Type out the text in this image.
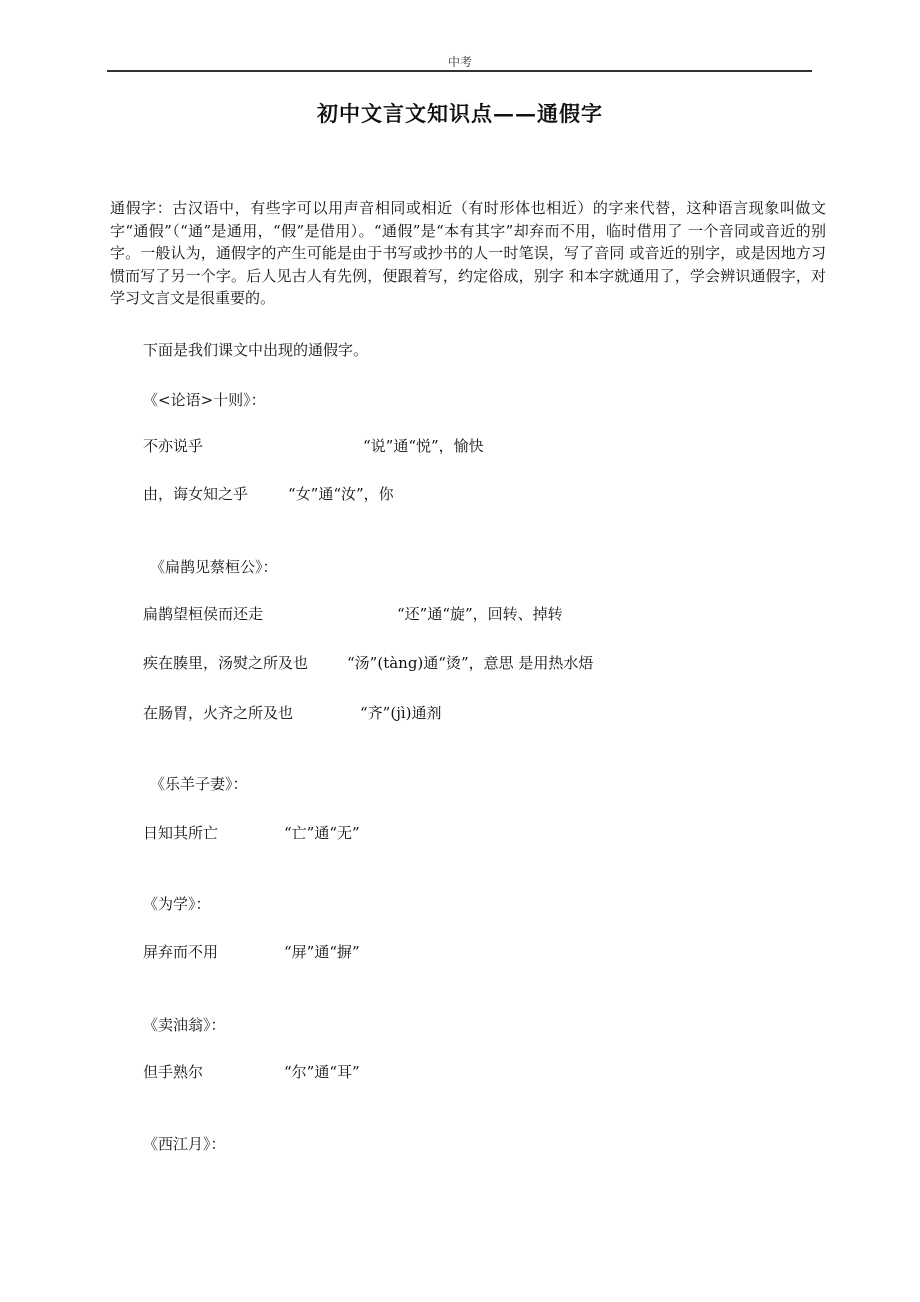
中考
初中文言文知识点——通假字
通假字：古汉语中，有些字可以用声音相同或相近（有时形体也相近）的字来代替，这种语言现象叫做文字“通假”（“通”是通用，“假”是借用）。“通假”是“本有其字”却弃而不用，临时借用了 一个音同或音近的别字。一般认为，通假字的产生可能是由于书写或抄书的人一时笔误，写了音同 或音近的别字，或是因地方习惯而写了另一个字。后人见古人有先例，便跟着写，约定俗成，别字 和本字就通用了，学会辨识通假字，对学习文言文是很重要的。
下面是我们课文中出现的通假字。
《<论语>十则》：
不亦说乎	“说”通“悦”，愉快
由，诲女知之乎	“女”通“汝”，你
《扁鹊见蔡桓公》：
扁鹊望桓侯而还走	“还”通“旋”，回转、掉转
疾在腠里，汤熨之所及也	“汤”(tàng)通“烫”，意思 是用热水焐
在肠胃，火齐之所及也	“齐”(jì)通剂
《乐羊子妻》：
日知其所亡	“亡”通“无”
《为学》：
屏弃而不用	“屏”通“摒”
《卖油翁》：
但手熟尔	“尔”通“耳”
《西江月》：
